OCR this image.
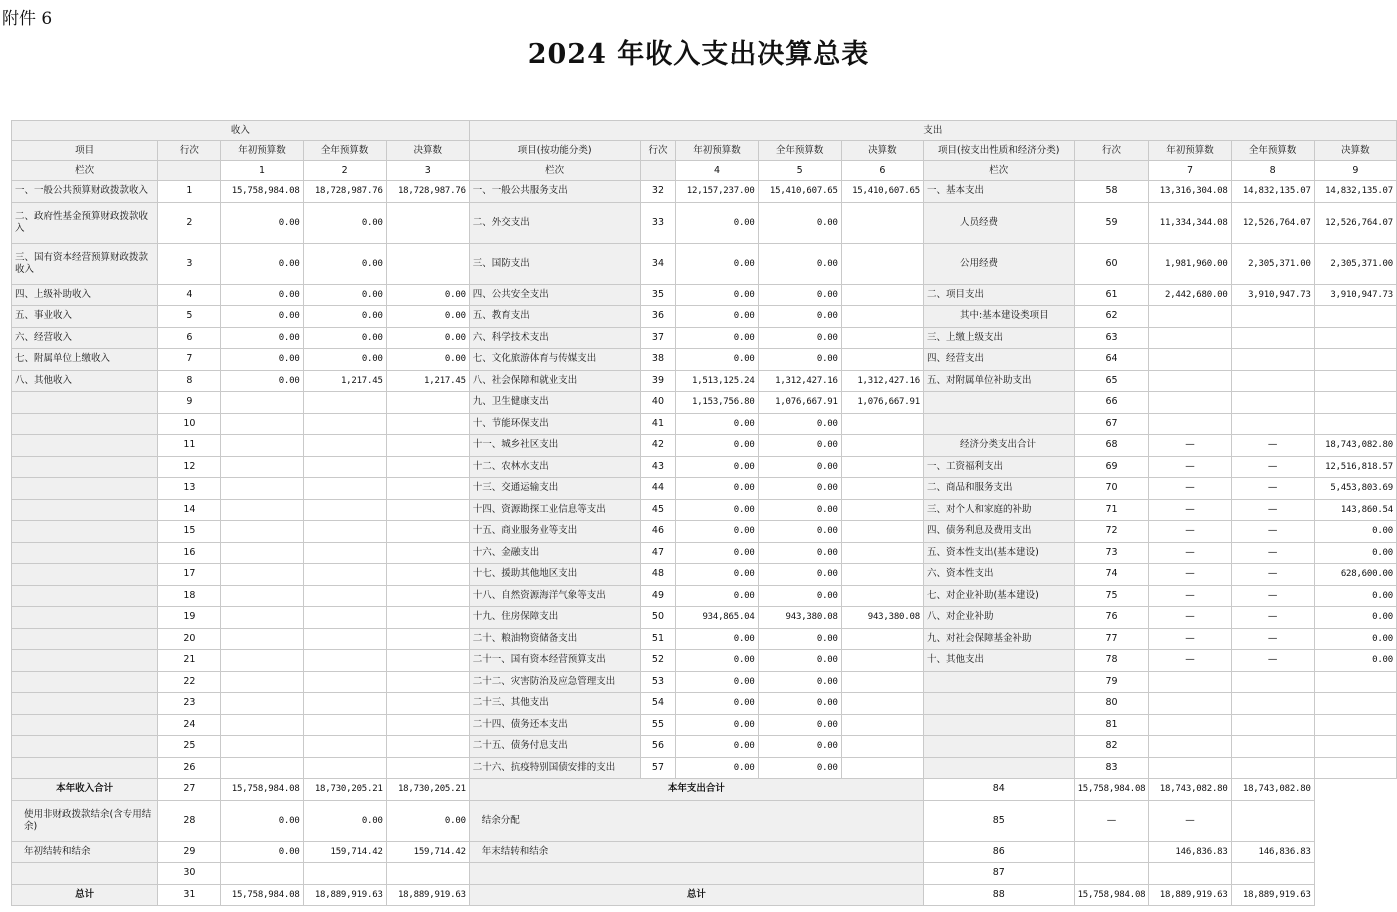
附件 6
2024 年收入支出决算总表
收入					支出									
项目	行次	年初预算数	全年预算数	决算数	项目(按功能分类)	行次	年初预算数	全年预算数	决算数	项目(按支出性质和经济分类)	行次	年初预算数	全年预算数	决算数
栏次		1	2	3	栏次		4	5	6	栏次		7	8	9
一、一般公共预算财政拨款收入	1	15,758,984.08	18,728,987.76	18,728,987.76	一、一般公共服务支出	32	12,157,237.00	15,410,607.65	15,410,607.65	一、基本支出	58	13,316,304.08	14,832,135.07	14,832,135.07
二、政府性基金预算财政拨款收入	2	0.00	0.00		二、外交支出	33	0.00	0.00		人员经费	59	11,334,344.08	12,526,764.07	12,526,764.07
三、国有资本经营预算财政拨款收入	3	0.00	0.00		三、国防支出	34	0.00	0.00		公用经费	60	1,981,960.00	2,305,371.00	2,305,371.00
四、上级补助收入	4	0.00	0.00	0.00	四、公共安全支出	35	0.00	0.00		二、项目支出	61	2,442,680.00	3,910,947.73	3,910,947.73
五、事业收入	5	0.00	0.00	0.00	五、教育支出	36	0.00	0.00		其中:基本建设类项目	62			
六、经营收入	6	0.00	0.00	0.00	六、科学技术支出	37	0.00	0.00		三、上缴上级支出	63			
七、附属单位上缴收入	7	0.00	0.00	0.00	七、文化旅游体育与传媒支出	38	0.00	0.00		四、经营支出	64			
八、其他收入	8	0.00	1,217.45	1,217.45	八、社会保障和就业支出	39	1,513,125.24	1,312,427.16	1,312,427.16	五、对附属单位补助支出	65			
	9				九、卫生健康支出	40	1,153,756.80	1,076,667.91	1,076,667.91		66			
	10				十、节能环保支出	41	0.00	0.00			67			
	11				十一、城乡社区支出	42	0.00	0.00		经济分类支出合计	68	—	—	18,743,082.80
	12				十二、农林水支出	43	0.00	0.00		一、工资福利支出	69	—	—	12,516,818.57
	13				十三、交通运输支出	44	0.00	0.00		二、商品和服务支出	70	—	—	5,453,803.69
	14				十四、资源勘探工业信息等支出	45	0.00	0.00		三、对个人和家庭的补助	71	—	—	143,860.54
	15				十五、商业服务业等支出	46	0.00	0.00		四、债务利息及费用支出	72	—	—	0.00
	16				十六、金融支出	47	0.00	0.00		五、资本性支出(基本建设)	73	—	—	0.00
	17				十七、援助其他地区支出	48	0.00	0.00		六、资本性支出	74	—	—	628,600.00
	18				十八、自然资源海洋气象等支出	49	0.00	0.00		七、对企业补助(基本建设)	75	—	—	0.00
	19				十九、住房保障支出	50	934,865.04	943,380.08	943,380.08	八、对企业补助	76	—	—	0.00
	20				二十、粮油物资储备支出	51	0.00	0.00		九、对社会保障基金补助	77	—	—	0.00
	21				二十一、国有资本经营预算支出	52	0.00	0.00		十、其他支出	78	—	—	0.00
	22				二十二、灾害防治及应急管理支出	53	0.00	0.00			79			
	23				二十三、其他支出	54	0.00	0.00			80			
	24				二十四、债务还本支出	55	0.00	0.00			81			
	25				二十五、债务付息支出	56	0.00	0.00			82			
	26				二十六、抗疫特别国债安排的支出	57	0.00	0.00			83			
本年收入合计	27	15,758,984.08	18,730,205.21	18,730,205.21	本年支出合计					84	15,758,984.08	18,743,082.80	18,743,082.80	
使用非财政拨款结余(含专用结余)	28	0.00	0.00	0.00	结余分配					85	—	—		
年初结转和结余	29	0.00	159,714.42	159,714.42	年末结转和结余					86		146,836.83	146,836.83	
	30									87				
总计	31	15,758,984.08	18,889,919.63	18,889,919.63	总计					88	15,758,984.08	18,889,919.63	18,889,919.63	
